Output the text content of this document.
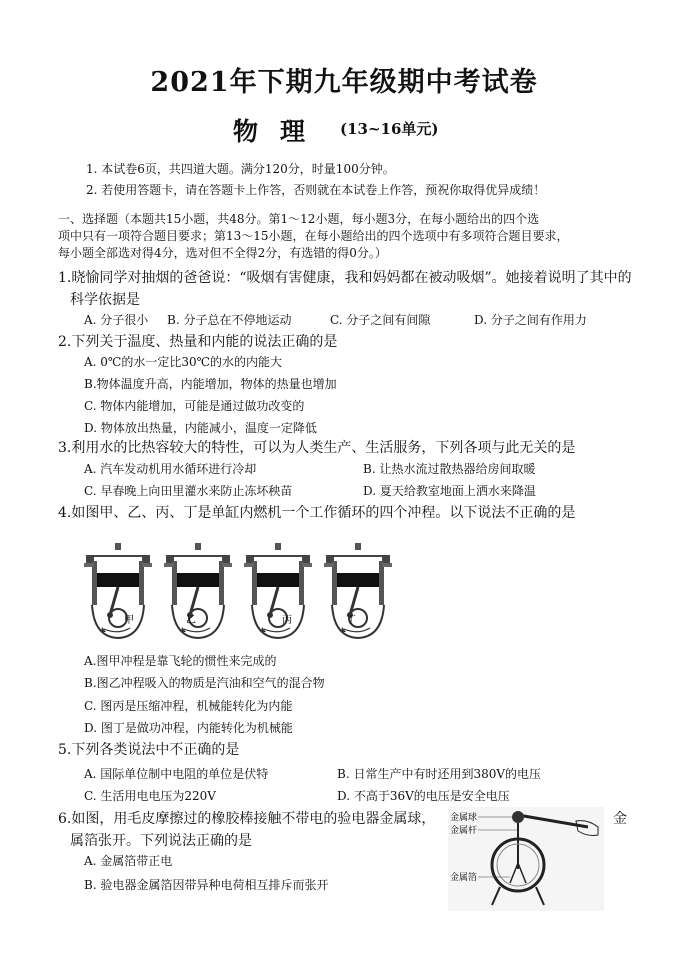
2021年下期九年级期中考试卷
物理 (13~16单元)
1. 本试卷6页，共四道大题。满分120分，时量100分钟。
2. 若使用答题卡，请在答题卡上作答，否则就在本试卷上作答，预祝你取得优异成绩！
一、选择题（本题共15小题，共48分。第1～12小题，每小题3分，在每小题给出的四个选
项中只有一项符合题目要求；第13～15小题，在每小题给出的四个选项中有多项符合题目要求，
每小题全部选对得4分，选对但不全得2分，有选错的得0分。）
1.晓愉同学对抽烟的爸爸说：“吸烟有害健康，我和妈妈都在被动吸烟”。她接着说明了其中的
科学依据是
A. 分子很小 B. 分子总在不停地运动	C. 分子之间有间隙	D. 分子之间有作用力
2.下列关于温度、热量和内能的说法正确的是
A. 0℃的水一定比30℃的水的内能大
B.物体温度升高，内能增加，物体的热量也增加
C. 物体内能增加，可能是通过做功改变的
D. 物体放出热量，内能减小，温度一定降低
3.利用水的比热容较大的特性，可以为人类生产、生活服务，下列各项与此无关的是
A. 汽车发动机用水循环进行冷却	B. 让热水流过散热器给房间取暖
C. 早春晚上向田里灌水来防止冻坏秧苗	D. 夏天给教室地面上洒水来降温
4.如图甲、乙、丙、丁是单缸内燃机一个工作循环的四个冲程。以下说法不正确的是
甲	乙	丙	丁
A.图甲冲程是靠飞轮的惯性来完成的
B.图乙冲程吸入的物质是汽油和空气的混合物
C. 图丙是压缩冲程，机械能转化为内能
D. 图丁是做功冲程，内能转化为机械能
5.下列各类说法中不正确的是
A. 国际单位制中电阻的单位是伏特	B. 日常生产中有时还用到380V的电压
C. 生活用电电压为220V	D. 不高于36V的电压是安全电压
6.如图，用毛皮摩擦过的橡胶棒接触不带电的验电器金属球，	金
属箔张开。下列说法正确的是
A. 金属箔带正电
B. 验电器金属箔因带异种电荷相互排斥而张开
金属球
金属杆
金属箔
